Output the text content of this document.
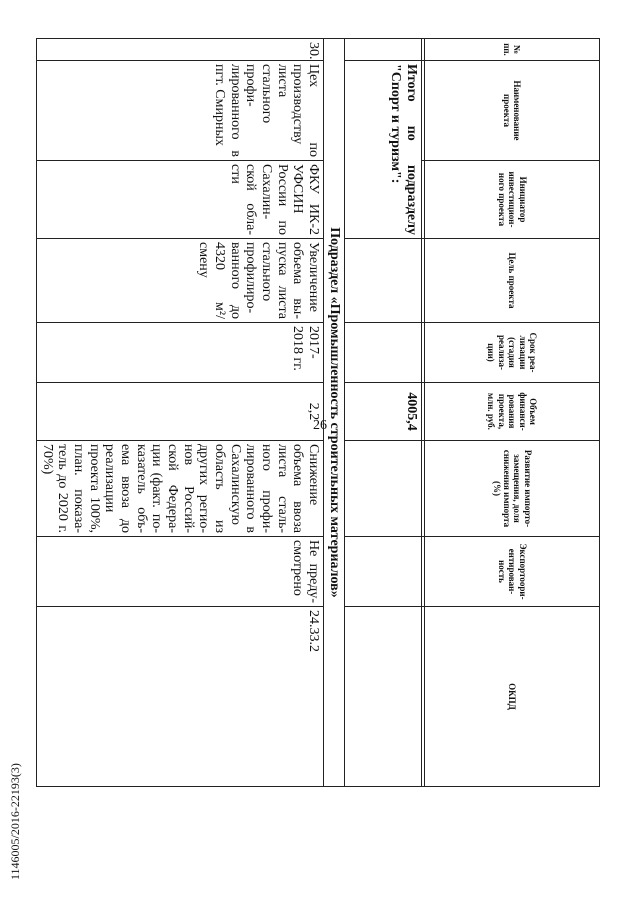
26
1146005/2016-22193(3)
№ пп.	Наименование проекта	Инициатор инвестицион-ного проекта	Цель проекта	Срок реа-лизации (стадия реализа-ции)	Объем финанси-рования проекта, млн. руб.	Развитие импорто-замещения, доля снижения импорта (%)	Экспортоори-ентирован-ность	ОКПД

	Итого по подразделу "Спорт и туризм":				4005,4			
Подраздел «Промышленность строительных материалов»								
30.	Цех по производству листа стального профи-лированного в пгт. Смирных	ФКУ ИК-2 УФСИН России по Сахалин-ской обла-сти	Увеличение объема вы-пуска листа стального профилиро-ванного до 4320 м²/смену	2017-2018 гг.	2,2	Снижение объема ввоза листа сталь-ного профи-лированного в Сахалинскую область из других регио-нов Россий-ской Федера-ции (факт. по-казатель объ-ема ввоза до реализации проекта 100%, план. показа-тель до 2020 г. 70%)	Не преду-смотрено	24.33.2
